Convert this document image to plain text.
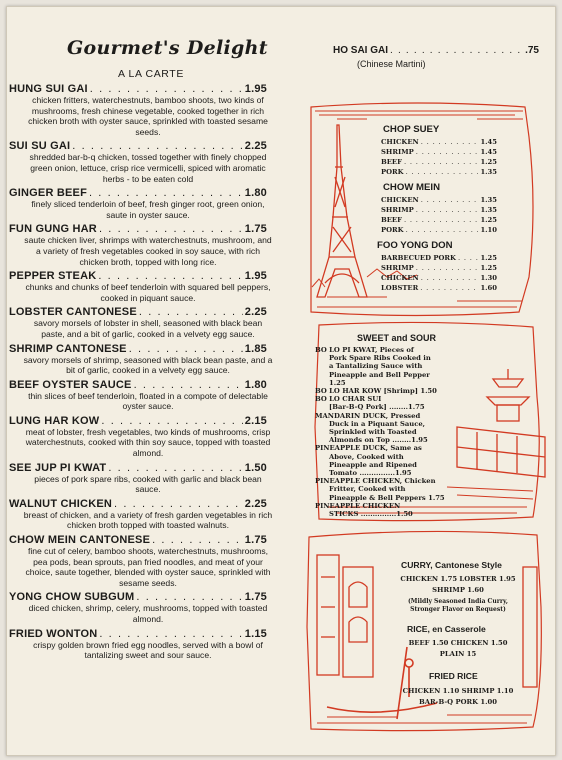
Gourmet's Delight
A LA CARTE
HUNG SUI GAI . . .	1.95
chicken fritters, waterchestnuts, bamboo shoots, two kinds of mushrooms, fresh chinese vegetable, cooked together in rich chicken broth with oyster sauce, sprinkled with toasted sesame seeds.
SUI SU GAI . . .	2.25
shredded bar-b-q chicken, tossed together with finely chopped green onion, lettuce, crisp rice vermicelli, spiced with aromatic herbs - to be eaten cold
GINGER BEEF . . .	1.80
finely sliced tenderloin of beef, fresh ginger root, green onion, saute in oyster sauce.
FUN GUNG HAR . . .	1.75
saute chicken liver, shrimps with waterchestnuts, mushroom, and a variety of fresh vegetables cooked in soy sauce, with rich chicken broth, topped with long rice.
PEPPER STEAK . . .	1.95
chunks and chunks of beef tenderloin with squared bell peppers, cooked in piquant sauce.
LOBSTER CANTONESE . . .	2.25
savory morsels of lobster in shell, seasoned with black bean paste, and a bit of garlic, cooked in a velvety egg sauce.
SHRIMP CANTONESE . . .	1.85
savory morsels of shrimp, seasoned with black bean paste, and a bit of garlic, cooked in a velvety egg sauce.
BEEF OYSTER SAUCE . . .	1.80
thin slices of beef tenderloin, floated in a compote of delectable oyster sauce.
LUNG HAR KOW . . .	2.15
meat of lobster, fresh vegetables, two kinds of mushrooms, crisp waterchestnuts, cooked with thin soy sauce, topped with toasted almond.
SEE JUP PI KWAT . . .	1.50
pieces of pork spare ribs, cooked with garlic and black bean sauce.
WALNUT CHICKEN . . .	2.25
breast of chicken, and a variety of fresh garden vegetables in rich chicken broth topped with toasted walnuts.
CHOW MEIN CANTONESE . . .	1.75
fine cut of celery, bamboo shoots, waterchestnuts, mushrooms, pea pods, bean sprouts, pan fried noodles, and meat of your choice, saute together, blended with oyster sauce, sprinkled with sesame seeds.
YONG CHOW SUBGUM . . .	1.75
diced chicken, shrimp, celery, mushrooms, topped with toasted almond.
FRIED WONTON . . .	1.15
crispy golden brown fried egg noodles, served with a bowl of tantalizing sweet and sour sauce.
HO SAI GAI . . .	.75
(Chinese Martini)
CHOP SUEY
CHICKEN . . .	1.45
SHRIMP . . .	1.45
BEEF . . .	1.25
PORK . . .	1.35
CHOW MEIN
CHICKEN . . .	1.35
SHRIMP . . .	1.35
BEEF . . .	1.25
PORK . . .	1.10
FOO YONG DON
BARBECUED PORK . . .	1.25
SHRIMP . . .	1.25
CHICKEN . . .	1.30
LOBSTER . . .	1.60
SWEET and SOUR
BO LO PI KWAT, Pieces of
Pork Spare Ribs Cooked in
a Tantalizing Sauce with
Pineapple and Bell Pepper 1.25
BO LO HAR KOW [Shrimp] 1.50
BO LO CHAR SUI
[Bar-B-Q Pork] ........1.75
MANDARIN DUCK, Pressed
Duck in a Piquant Sauce,
Sprinkled with Toasted
Almonds on Top ........1.95
PINEAPPLE DUCK, Same as
Above, Cooked with
Pineapple and Ripened
Tomato ...............1.95
PINEAPPLE CHICKEN, Chicken
Fritter, Cooked with
Pineapple & Bell Peppers 1.75
PINEAPPLE CHICKEN
STICKS ...............1.50
CURRY, Cantonese Style
CHICKEN 1.75 LOBSTER 1.95
SHRIMP 1.60
(Mildly Seasoned India Curry,
Stronger Flavor on Request)
RICE, en Casserole
BEEF 1.50 CHICKEN 1.50
PLAIN 15
FRIED RICE
CHICKEN 1.10 SHRIMP 1.10
BAR-B-Q PORK 1.00
